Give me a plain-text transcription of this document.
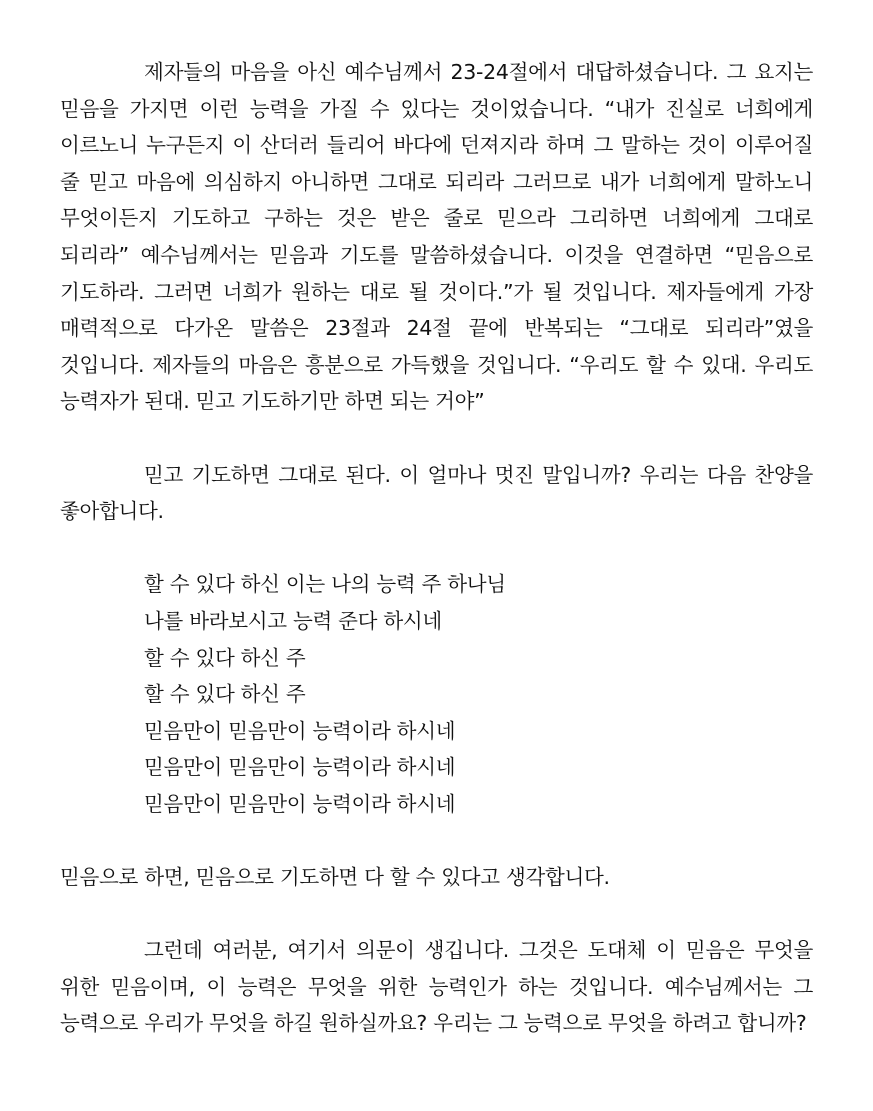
제자들의 마음을 아신 예수님께서 23-24절에서 대답하셨습니다. 그 요지는 믿음을 가지면 이런 능력을 가질 수 있다는 것이었습니다. “내가 진실로 너희에게 이르노니 누구든지 이 산더러 들리어 바다에 던져지라 하며 그 말하는 것이 이루어질 줄 믿고 마음에 의심하지 아니하면 그대로 되리라 그러므로 내가 너희에게 말하노니 무엇이든지 기도하고 구하는 것은 받은 줄로 믿으라 그리하면 너희에게 그대로 되리라” 예수님께서는 믿음과 기도를 말씀하셨습니다. 이것을 연결하면 “믿음으로 기도하라. 그러면 너희가 원하는 대로 될 것이다.”가 될 것입니다. 제자들에게 가장 매력적으로 다가온 말씀은 23절과 24절 끝에 반복되는 “그대로 되리라”였을 것입니다. 제자들의 마음은 흥분으로 가득했을 것입니다. “우리도 할 수 있대. 우리도 능력자가 된대. 믿고 기도하기만 하면 되는 거야”

믿고 기도하면 그대로 된다. 이 얼마나 멋진 말입니까? 우리는 다음 찬양을 좋아합니다.

할 수 있다 하신 이는 나의 능력 주 하나님
나를 바라보시고 능력 준다 하시네
할 수 있다 하신 주
할 수 있다 하신 주
믿음만이 믿음만이 능력이라 하시네
믿음만이 믿음만이 능력이라 하시네
믿음만이 믿음만이 능력이라 하시네

믿음으로 하면, 믿음으로 기도하면 다 할 수 있다고 생각합니다.

그런데 여러분, 여기서 의문이 생깁니다. 그것은 도대체 이 믿음은 무엇을 위한 믿음이며, 이 능력은 무엇을 위한 능력인가 하는 것입니다. 예수님께서는 그 능력으로 우리가 무엇을 하길 원하실까요? 우리는 그 능력으로 무엇을 하려고 합니까?
